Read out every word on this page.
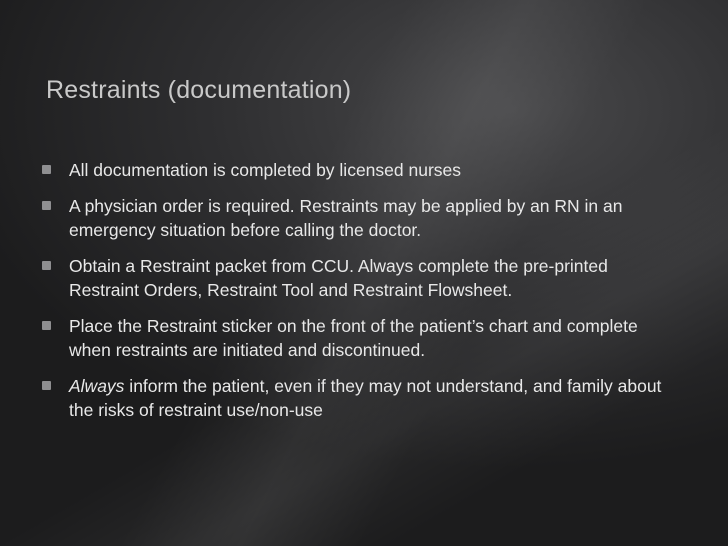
Restraints (documentation)
All documentation is completed by licensed nurses
A physician order is required. Restraints may be applied by an RN in an emergency situation before calling the doctor.
Obtain a Restraint packet from CCU. Always complete the pre-printed Restraint Orders, Restraint Tool and Restraint Flowsheet.
Place the Restraint sticker on the front of the patient’s chart and complete when restraints are initiated and discontinued.
Always inform the patient, even if they may not understand, and family about the risks of restraint use/non-use
